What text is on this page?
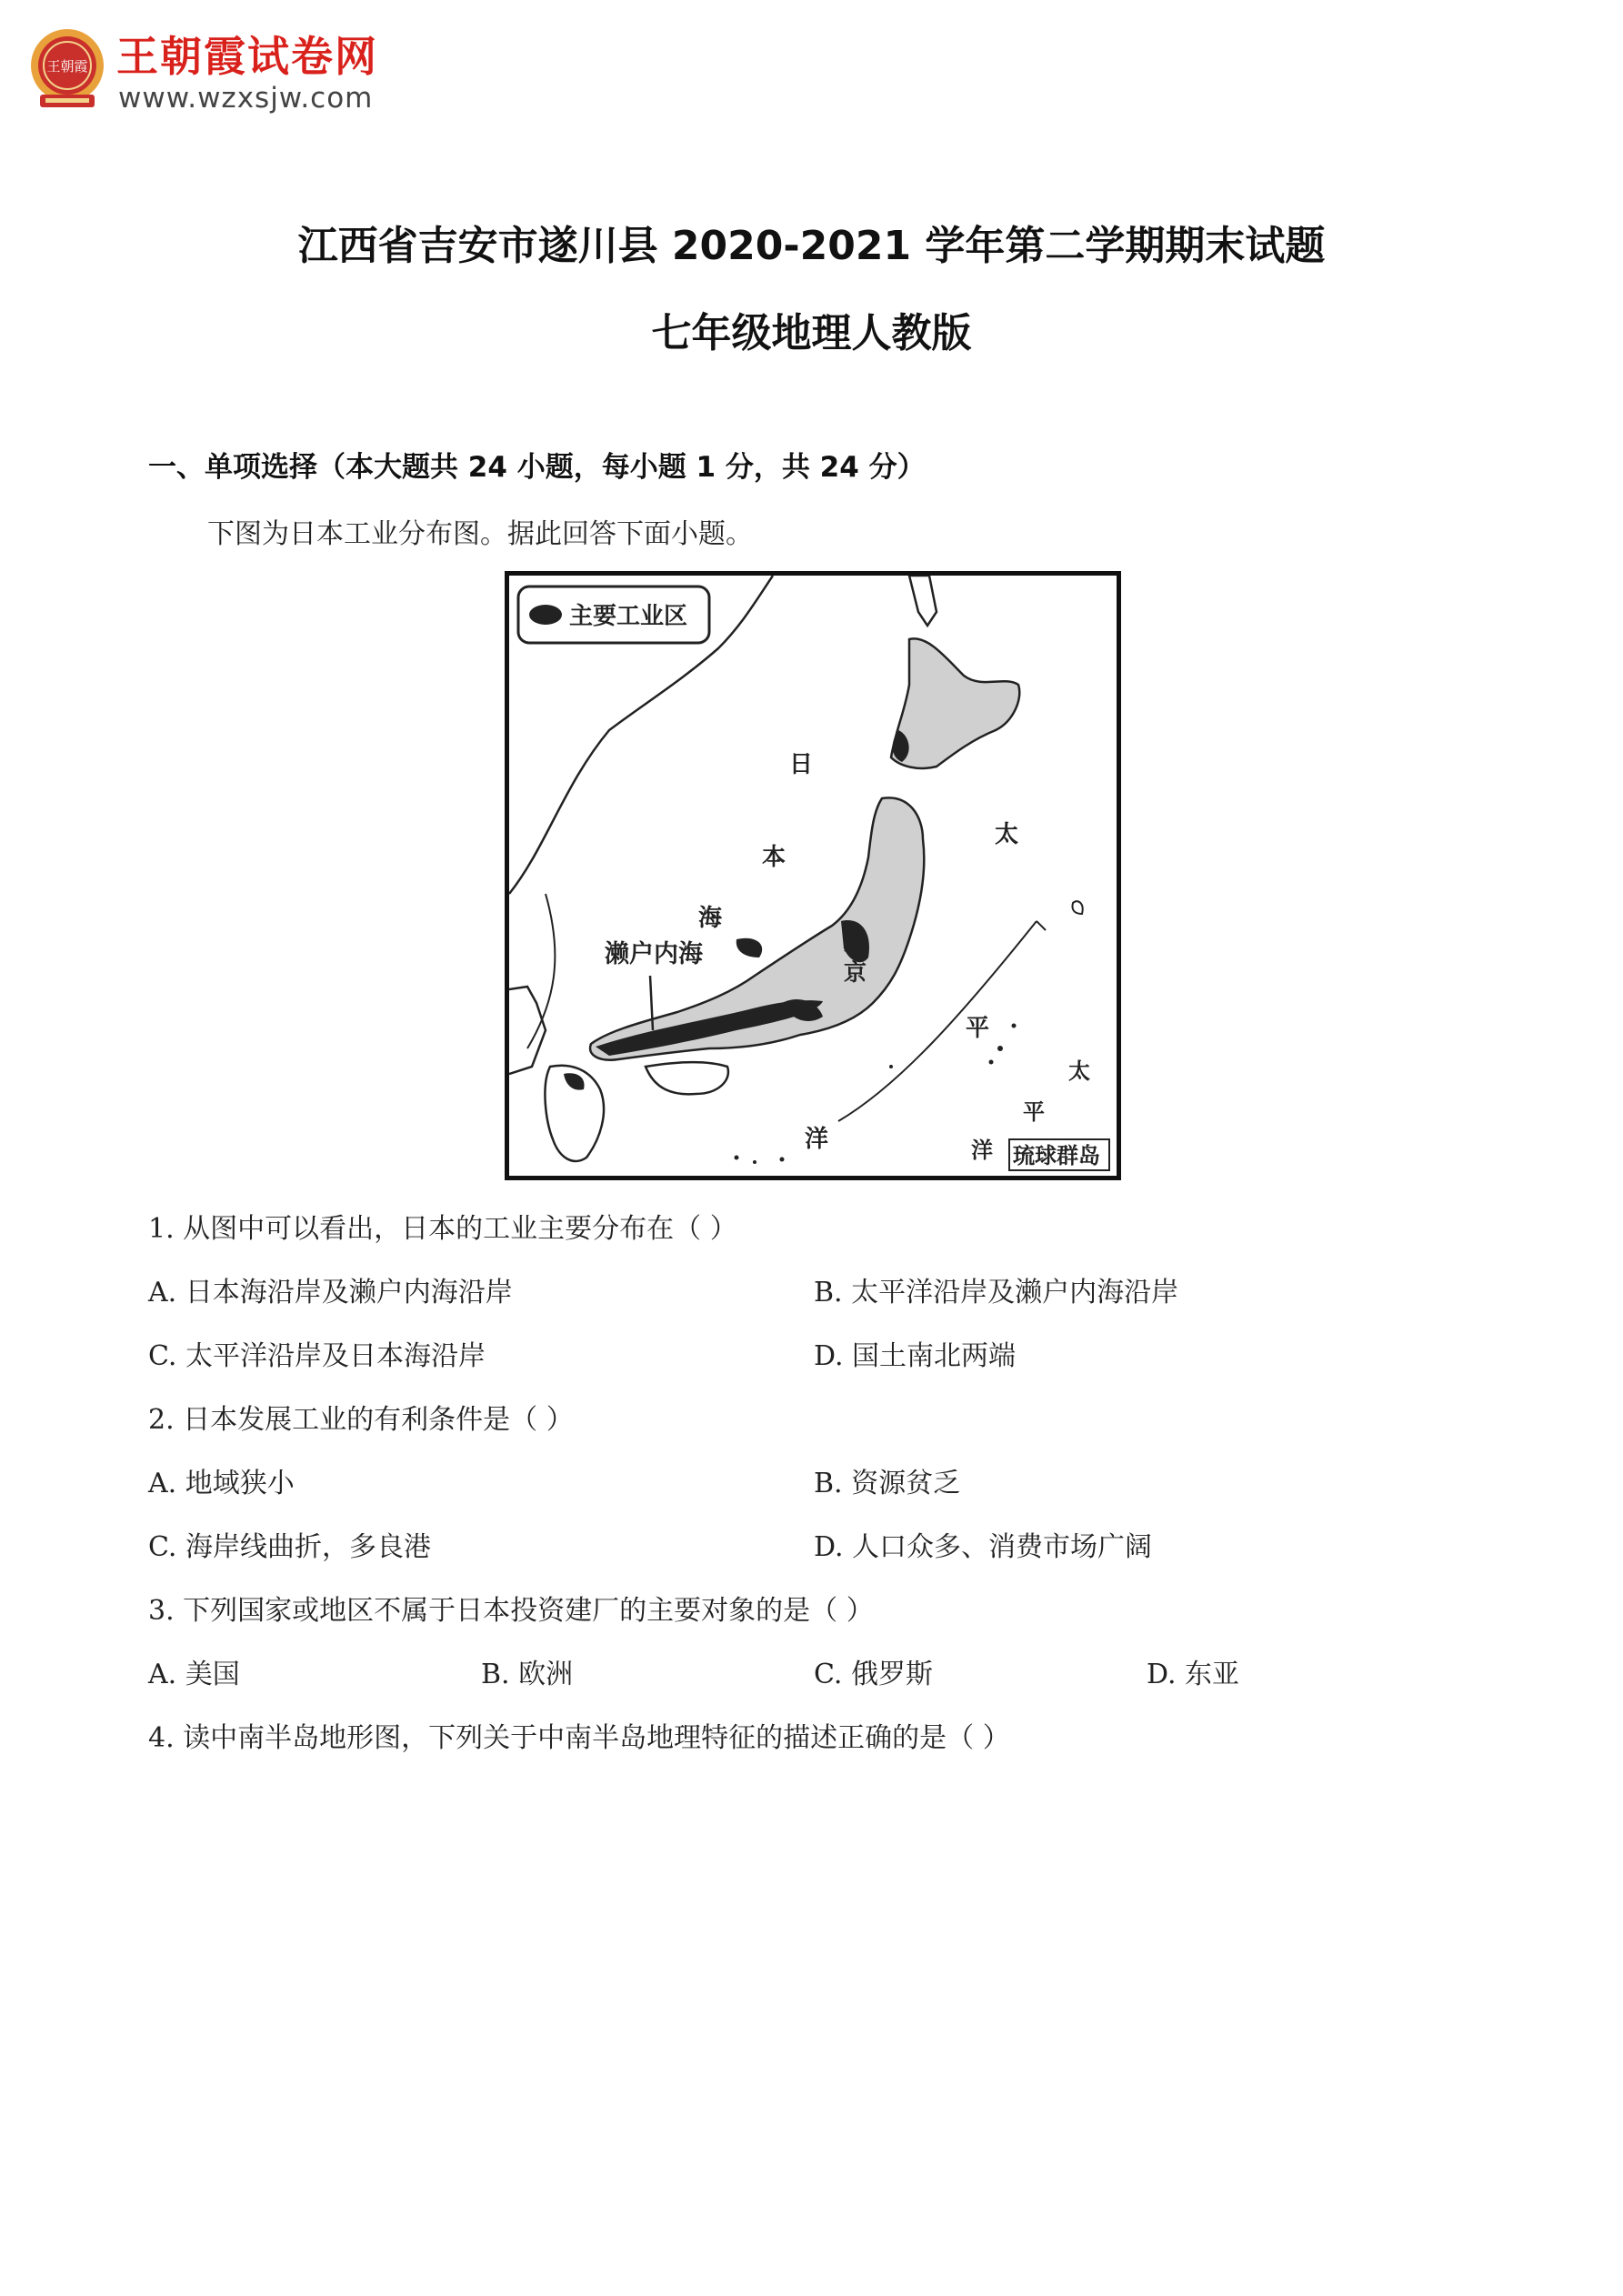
王朝霞 王朝霞试卷网
www.wzxsjw.com
江西省吉安市遂川县 2020-2021 学年第二学期期末试题
七年级地理人教版
一、单项选择（本大题共 24 小题，每小题 1 分，共 24 分）
下图为日本工业分布图。据此回答下面小题。
主要工业区
日
本
海
濑户内海	东
京
太
平
洋
太
平
洋 琉球群岛
1. 从图中可以看出，日本的工业主要分布在（ ）
A. 日本海沿岸及濑户内海沿岸	B. 太平洋沿岸及濑户内海沿岸
C. 太平洋沿岸及日本海沿岸	D. 国土南北两端
2. 日本发展工业的有利条件是（ ）
A. 地域狭小	B. 资源贫乏
C. 海岸线曲折，多良港	D. 人口众多、消费市场广阔
3. 下列国家或地区不属于日本投资建厂的主要对象的是（ ）
A. 美国	B. 欧洲	C. 俄罗斯	D. 东亚
4. 读中南半岛地形图，下列关于中南半岛地理特征的描述正确的是（ ）
